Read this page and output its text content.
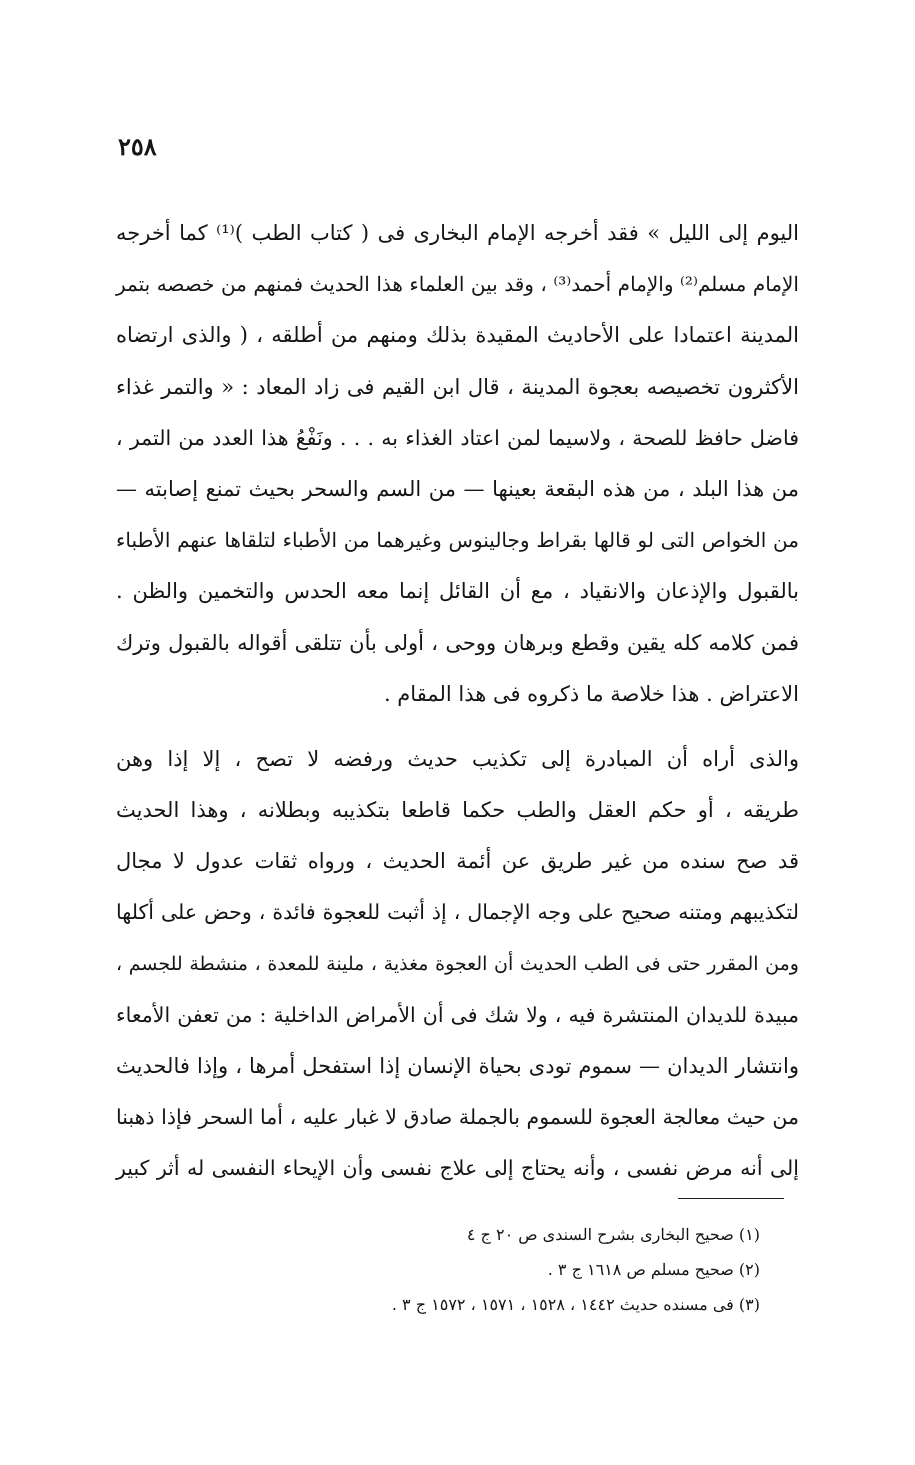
٢٥٨
اليوم إلى الليل » فقد أخرجه الإمام البخارى فى ( كتاب الطب )⁽¹⁾ كما أخرجه
الإمام مسلم⁽²⁾ والإمام أحمد⁽³⁾ ، وقد بين العلماء هذا الحديث فمنهم من خصصه بتمر
المدينة اعتمادا على الأحاديث المقيدة بذلك ومنهم من أطلقه ، ( والذى ارتضاه
الأكثرون تخصيصه بعجوة المدينة ، قال ابن القيم فى زاد المعاد : « والتمر غذاء
فاضل حافظ للصحة ، ولاسيما لمن اعتاد الغذاء به . . . ونَفْعُ هذا العدد من التمر ،
من هذا البلد ، من هذه البقعة بعينها — من السم والسحر بحيث تمنع إصابته —
من الخواص التى لو قالها بقراط وجالينوس وغيرهما من الأطباء لتلقاها عنهم الأطباء
بالقبول والإذعان والانقياد ، مع أن القائل إنما معه الحدس والتخمين والظن .
فمن كلامه كله يقين وقطع وبرهان ووحى ، أولى بأن تتلقى أقواله بالقبول وترك
الاعتراض . هذا خلاصة ما ذكروه فى هذا المقام .
والذى أراه أن المبادرة إلى تكذيب حديث ورفضه لا تصح ، إلا إذا وهن
طريقه ، أو حكم العقل والطب حكما قاطعا بتكذيبه وبطلانه ، وهذا الحديث
قد صح سنده من غير طريق عن أئمة الحديث ، ورواه ثقات عدول لا مجال
لتكذيبهم ومتنه صحيح على وجه الإجمال ، إذ أثبت للعجوة فائدة ، وحض على أكلها
ومن المقرر حتى فى الطب الحديث أن العجوة مغذية ، ملينة للمعدة ، منشطة للجسم ،
مبيدة للديدان المنتشرة فيه ، ولا شك فى أن الأمراض الداخلية : من تعفن الأمعاء
وانتشار الديدان — سموم تودى بحياة الإنسان إذا استفحل أمرها ، وإذا فالحديث
من حيث معالجة العجوة للسموم بالجملة صادق لا غبار عليه ، أما السحر فإذا ذهبنا
إلى أنه مرض نفسى ، وأنه يحتاج إلى علاج نفسى وأن الإيحاء النفسى له أثر كبير
(١) صحيح البخارى بشرح السندى ص ٢٠ ج ٤
(٢) صحيح مسلم ص ١٦١٨ ج ٣ .
(٣) فى مسنده حديث ١٤٤٢ ، ١٥٢٨ ، ١٥٧١ ، ١٥٧٢ ج ٣ .
